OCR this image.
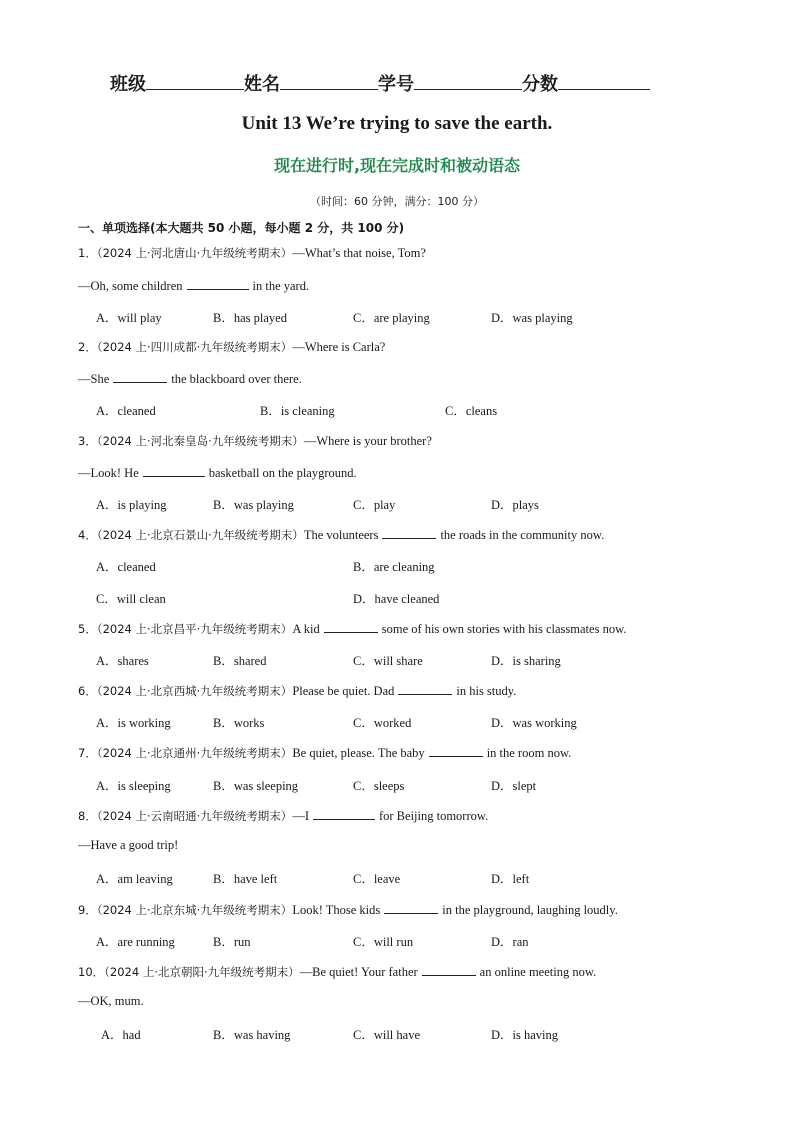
班级	姓名	学号	分数
Unit 13 We’re trying to save the earth.
现在进行时,现在完成时和被动语态
（时间：60 分钟，满分：100 分）
一、单项选择(本大题共 50 小题，每小题 2 分，共 100 分)
1．（2024 上·河北唐山·九年级统考期末）—What’s that noise, Tom?
—Oh, some children	in the yard.
A．will play	B．has played	C．are playing	D．was playing
2．（2024 上·四川成都·九年级统考期末）—Where is Carla?
—She	the blackboard over there.
A．cleaned	B．is cleaning	C．cleans
3．（2024 上·河北秦皇岛·九年级统考期末）—Where is your brother?
—Look! He	basketball on the playground.
A．is playing	B．was playing	C．play	D．plays
4．（2024 上·北京石景山·九年级统考期末）The volunteers	the roads in the community now.
A．cleaned	B．are cleaning
C．will clean	D．have cleaned
5．（2024 上·北京昌平·九年级统考期末）A kid	some of his own stories with his classmates now.
A．shares	B．shared	C．will share	D．is sharing
6．（2024 上·北京西城·九年级统考期末）Please be quiet. Dad	in his study.
A．is working	B．works	C．worked	D．was working
7．（2024 上·北京通州·九年级统考期末）Be quiet, please. The baby	in the room now.
A．is sleeping	B．was sleeping	C．sleeps	D．slept
8．（2024 上·云南昭通·九年级统考期末）—I	for Beijing tomorrow.
—Have a good trip!
A．am leaving	B．have left	C．leave	D．left
9．（2024 上·北京东城·九年级统考期末）Look! Those kids	in the playground, laughing loudly.
A．are running	B．run	C．will run	D．ran
10．（2024 上·北京朝阳·九年级统考期末）—Be quiet! Your father	an online meeting now.
—OK, mum.
A．had	B．was having	C．will have	D．is having
